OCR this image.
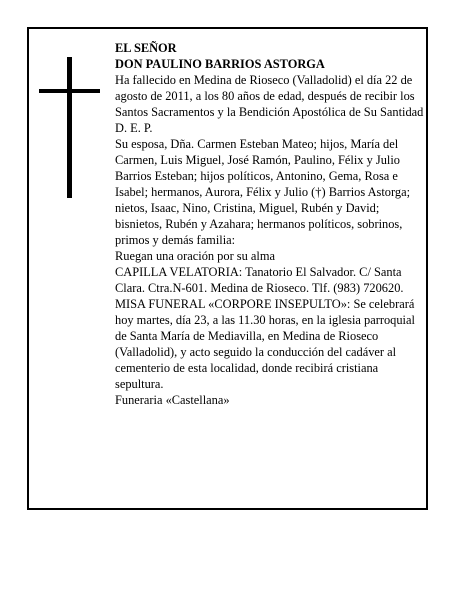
EL SEÑOR

DON PAULINO BARRIOS ASTORGA

Ha fallecido en Medina de Rioseco (Valladolid) el día 22 de agosto de 2011, a los 80 años de edad, después de recibir los Santos Sacramentos y la Bendición Apostólica de Su Santidad

D. E. P.

Su esposa, Dña. Carmen Esteban Mateo; hijos, María del Carmen, Luis Miguel, José Ramón, Paulino, Félix y Julio Barrios Esteban; hijos políticos, Antonino, Gema, Rosa e Isabel; hermanos, Aurora, Félix y Julio (†) Barrios Astorga; nietos, Isaac, Nino, Cristina, Miguel, Rubén y David; bisnietos, Rubén y Azahara; hermanos políticos, sobrinos, primos y demás familia:

Ruegan una oración por su alma

CAPILLA VELATORIA: Tanatorio El Salvador. C/ Santa Clara. Ctra.N-601. Medina de Rioseco. Tlf. (983) 720620.

MISA FUNERAL «CORPORE INSEPULTO»: Se celebrará hoy martes, día 23, a las 11.30 horas, en la iglesia parroquial de Santa María de Mediavilla, en Medina de Rioseco (Valladolid), y acto seguido la conducción del cadáver al cementerio de esta localidad, donde recibirá cristiana sepultura.

Funeraria «Castellana»
